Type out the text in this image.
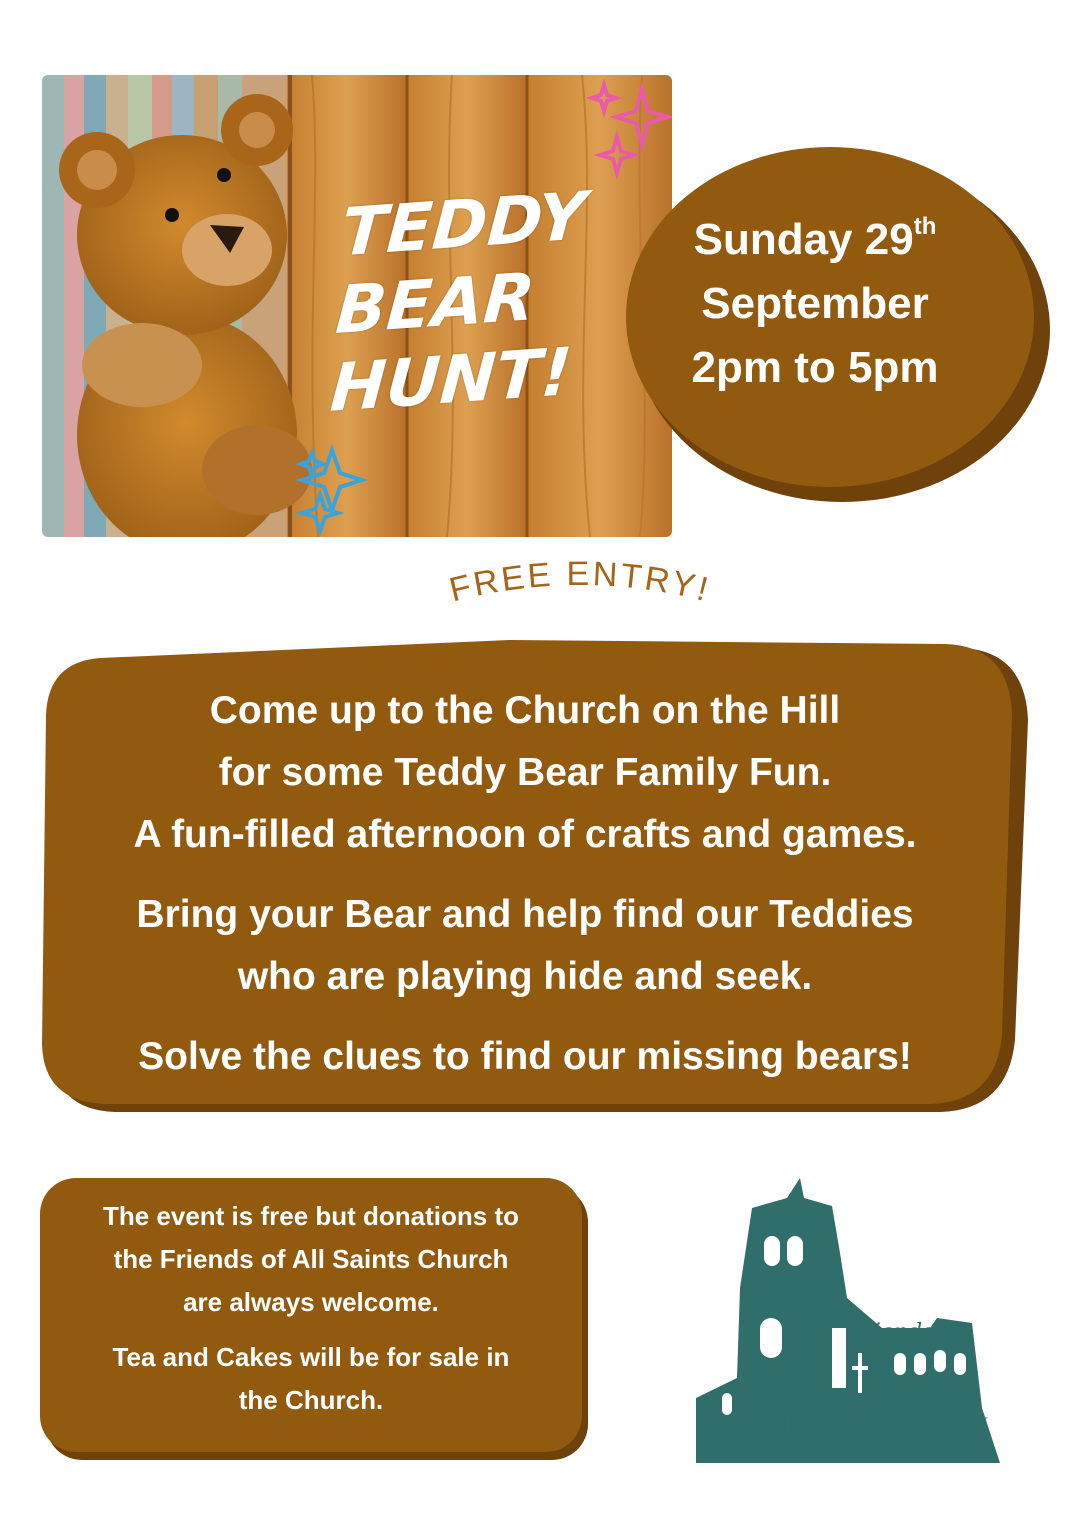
TEDDY
BEAR
HUNT!
Sunday 29th
September
2pm to 5pm
FREE ENTRY!

Come up to the Church on the Hill
for some Teddy Bear Family Fun.
A fun-filled afternoon of crafts and games.

Bring your Bear and help find our Teddies
who are playing hide and seek.

Solve the clues to find our missing bears!

The event is free but donations to
the Friends of All Saints Church
are always welcome.

Tea and Cakes will be for sale in
the Church.

Friends of
ALL SAINTS SHILLINGTON
